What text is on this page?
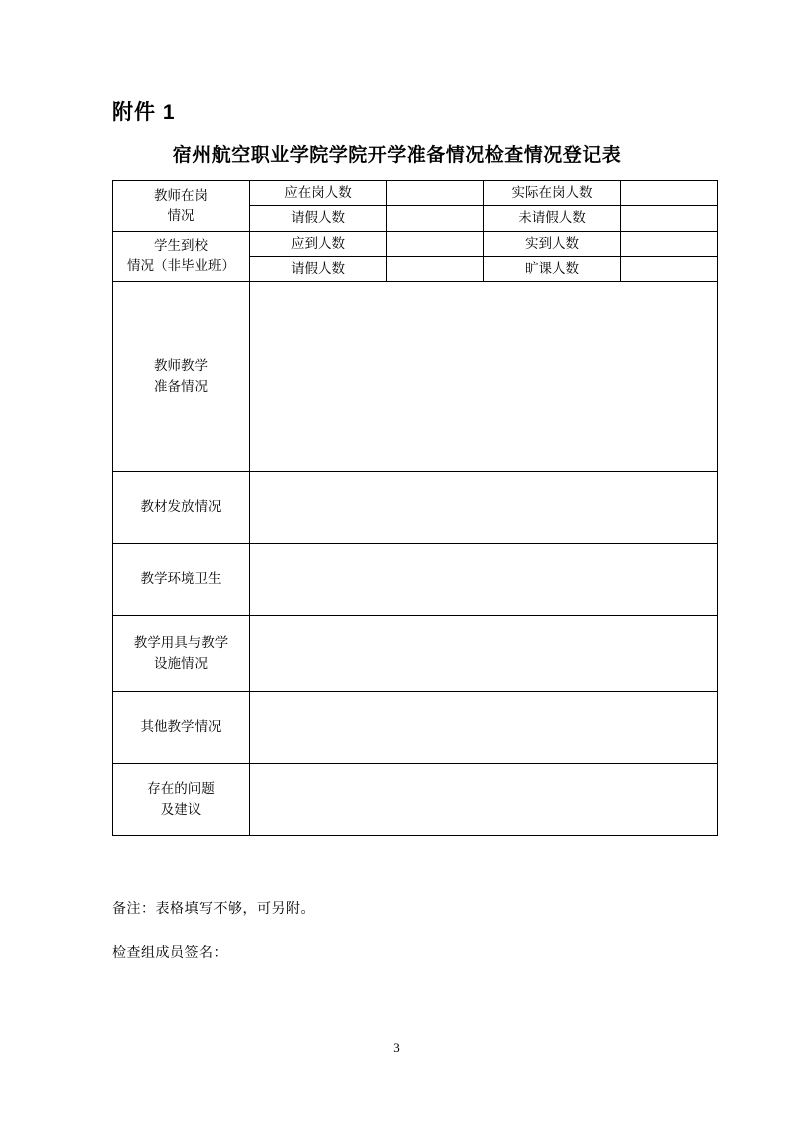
附件 1
宿州航空职业学院学院开学准备情况检查情况登记表
教师在岗
情况	应在岗人数		实际在岗人数	
	请假人数		未请假人数	

学生到校
情况（非毕业班）	应到人数		实到人数	
	请假人数		旷课人数	

教师教学
准备情况				

教材发放情况				
教学环境卫生				

教学用具与教学
设施情况				

其他教学情况				

存在的问题
及建议				

备注：表格填写不够，可另附。
检查组成员签名：
3
